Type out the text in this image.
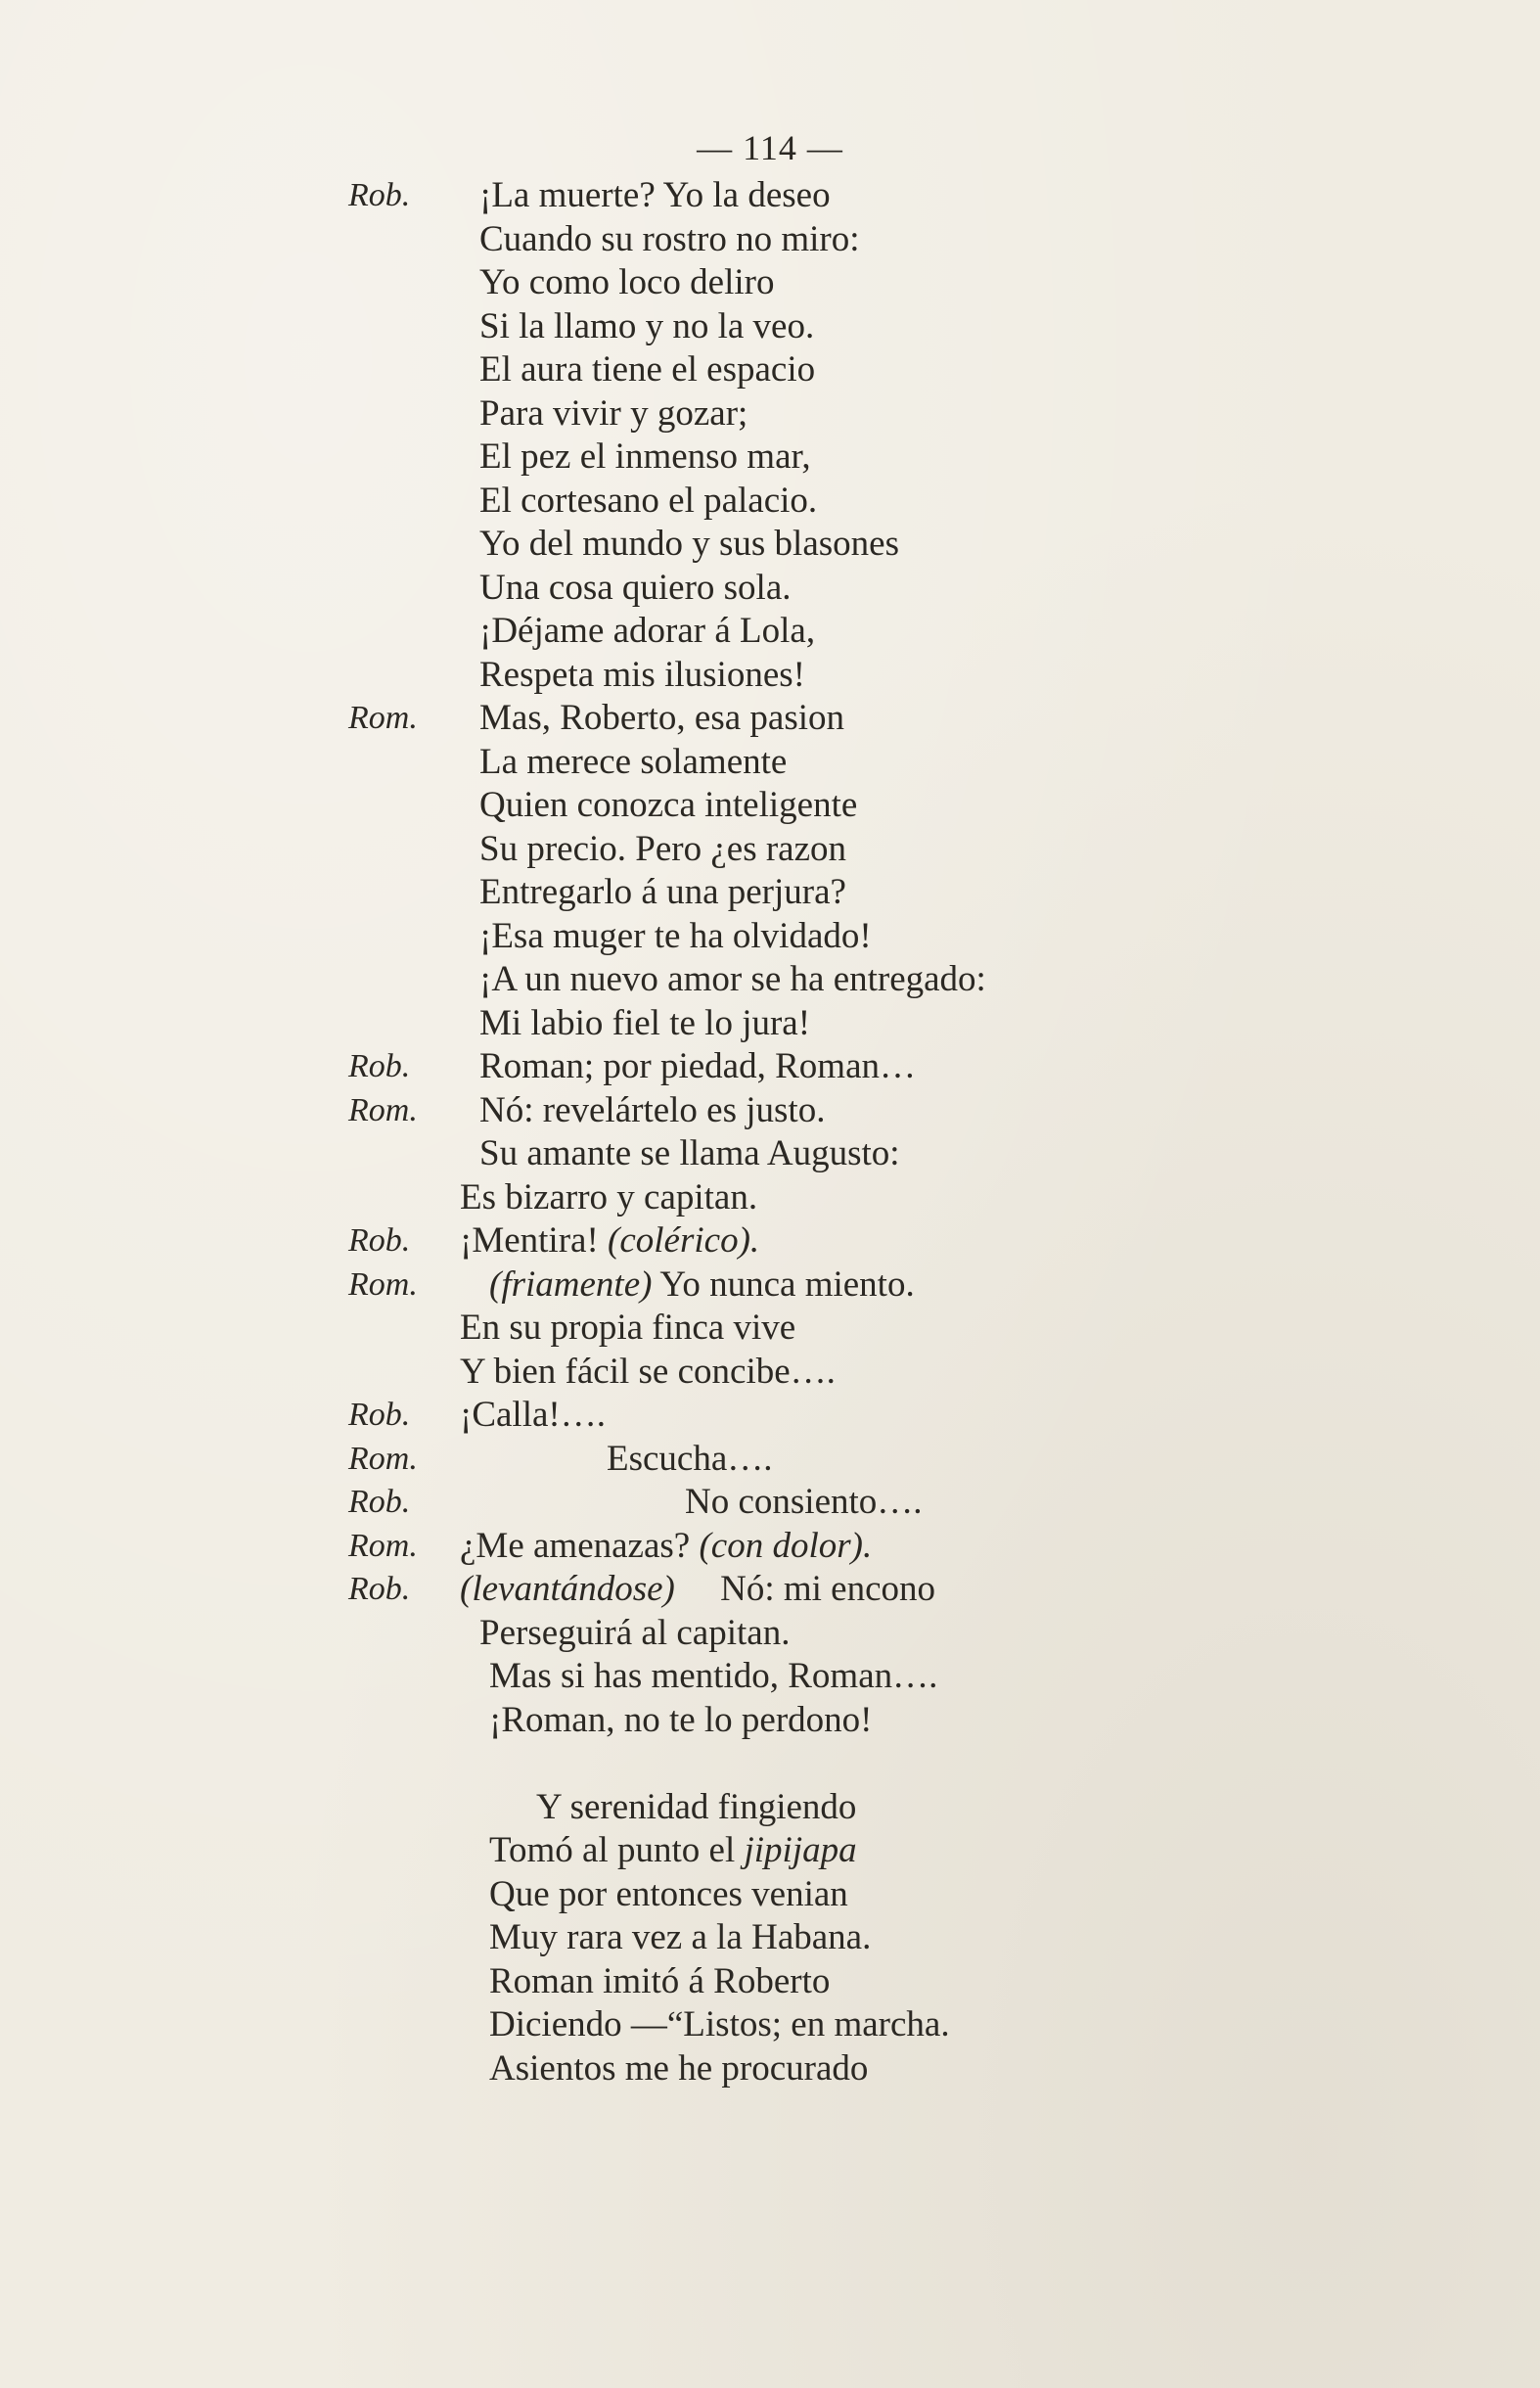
— 114 —
Rob. ¡La muerte? Yo la deseo
Cuando su rostro no miro:
Yo como loco deliro
Si la llamo y no la veo.
El aura tiene el espacio
Para vivir y gozar;
El pez el inmenso mar,
El cortesano el palacio.
Yo del mundo y sus blasones
Una cosa quiero sola.
¡Déjame adorar á Lola,
Respeta mis ilusiones!
Rom. Mas, Roberto, esa pasion
La merece solamente
Quien conozca inteligente
Su precio. Pero ¿es razon
Entregarlo á una perjura?
¡Esa muger te ha olvidado!
¡A un nuevo amor se ha entregado:
Mi labio fiel te lo jura!
Rob. Roman; por piedad, Roman…
Rom. Nó: revelártelo es justo.
Su amante se llama Augusto:
Es bizarro y capitan.
Rob. ¡Mentira! (colérico).
Rom. (friamente) Yo nunca miento.
En su propia finca vive
Y bien fácil se concibe….
Rob. ¡Calla!….
Rom.	Escucha….
Rob.	No consiento….
Rom. ¿Me amenazas? (con dolor).
Rob. (levantándose)     Nó: mi encono
Perseguirá al capitan.
Mas si has mentido, Roman….
¡Roman, no te lo perdono!
Y serenidad fingiendo
Tomó al punto el jipijapa
Que por entonces venian
Muy rara vez a la Habana.
Roman imitó á Roberto
Diciendo —“Listos; en marcha.
Asientos me he procurado
